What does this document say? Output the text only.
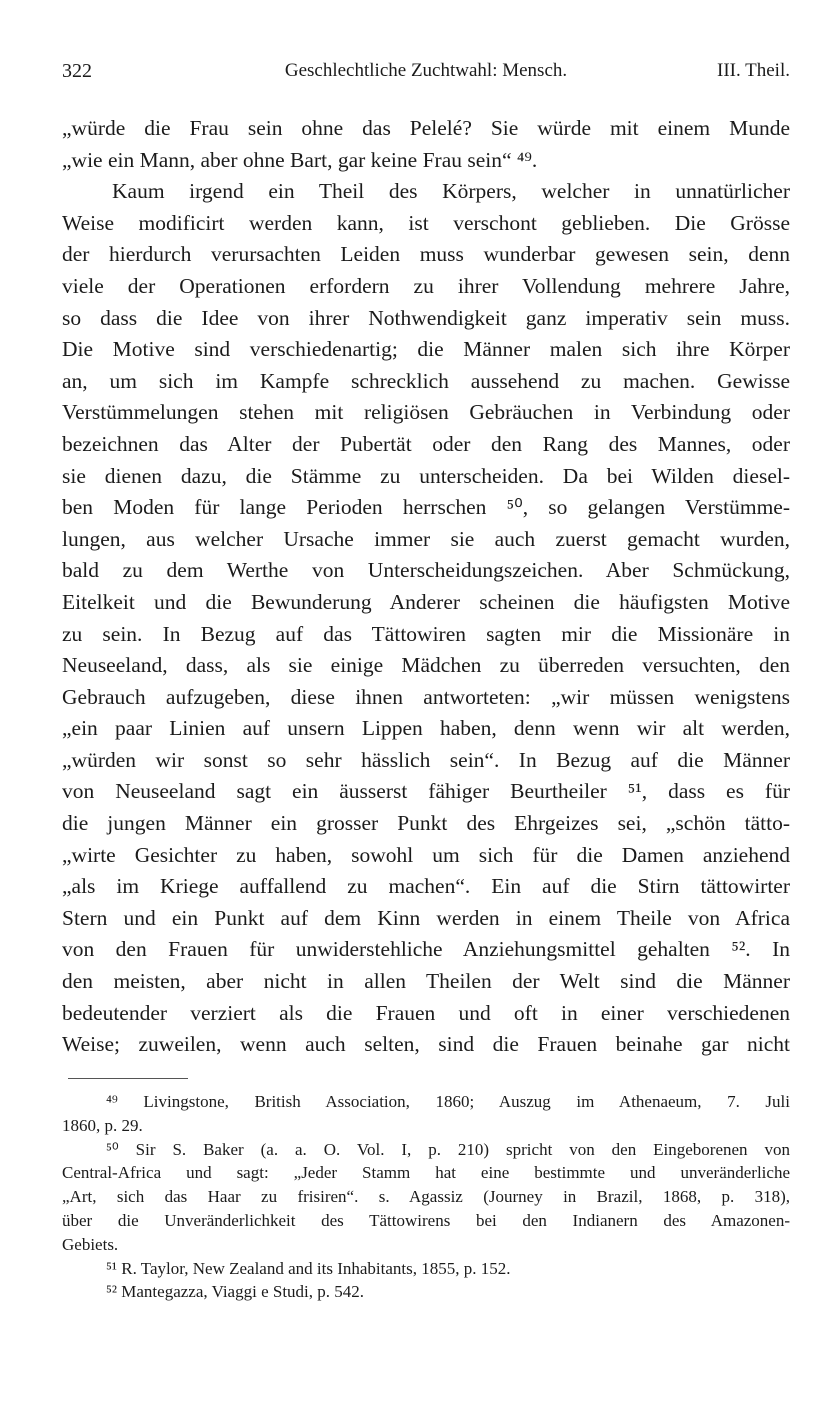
322	Geschlechtliche Zuchtwahl: Mensch.	III. Theil.
„würde die Frau sein ohne das Pelelé? Sie würde mit einem Munde
„wie ein Mann, aber ohne Bart, gar keine Frau sein“ ⁴⁹.
Kaum irgend ein Theil des Körpers, welcher in unnatürlicher
Weise modificirt werden kann, ist verschont geblieben. Die Grösse
der hierdurch verursachten Leiden muss wunderbar gewesen sein, denn
viele der Operationen erfordern zu ihrer Vollendung mehrere Jahre,
so dass die Idee von ihrer Nothwendigkeit ganz imperativ sein muss.
Die Motive sind verschiedenartig; die Männer malen sich ihre Körper
an, um sich im Kampfe schrecklich aussehend zu machen. Gewisse
Verstümmelungen stehen mit religiösen Gebräuchen in Verbindung oder
bezeichnen das Alter der Pubertät oder den Rang des Mannes, oder
sie dienen dazu, die Stämme zu unterscheiden. Da bei Wilden diesel-
ben Moden für lange Perioden herrschen ⁵⁰, so gelangen Verstümme-
lungen, aus welcher Ursache immer sie auch zuerst gemacht wurden,
bald zu dem Werthe von Unterscheidungszeichen. Aber Schmückung,
Eitelkeit und die Bewunderung Anderer scheinen die häufigsten Motive
zu sein. In Bezug auf das Tättowiren sagten mir die Missionäre in
Neuseeland, dass, als sie einige Mädchen zu überreden versuchten, den
Gebrauch aufzugeben, diese ihnen antworteten: „wir müssen wenigstens
„ein paar Linien auf unsern Lippen haben, denn wenn wir alt werden,
„würden wir sonst so sehr hässlich sein“. In Bezug auf die Männer
von Neuseeland sagt ein äusserst fähiger Beurtheiler ⁵¹, dass es für
die jungen Männer ein grosser Punkt des Ehrgeizes sei, „schön tätto-
„wirte Gesichter zu haben, sowohl um sich für die Damen anziehend
„als im Kriege auffallend zu machen“. Ein auf die Stirn tättowirter
Stern und ein Punkt auf dem Kinn werden in einem Theile von Africa
von den Frauen für unwiderstehliche Anziehungsmittel gehalten ⁵². In
den meisten, aber nicht in allen Theilen der Welt sind die Männer
bedeutender verziert als die Frauen und oft in einer verschiedenen
Weise; zuweilen, wenn auch selten, sind die Frauen beinahe gar nicht
⁴⁹ Livingstone, British Association, 1860; Auszug im Athenaeum, 7. Juli
1860, p. 29.
⁵⁰ Sir S. Baker (a. a. O. Vol. I, p. 210) spricht von den Eingeborenen von
Central-Africa und sagt: „Jeder Stamm hat eine bestimmte und unveränderliche
„Art, sich das Haar zu frisiren“. s. Agassiz (Journey in Brazil, 1868, p. 318),
über die Unveränderlichkeit des Tättowirens bei den Indianern des Amazonen-
Gebiets.
⁵¹ R. Taylor, New Zealand and its Inhabitants, 1855, p. 152.
⁵² Mantegazza, Viaggi e Studi, p. 542.
